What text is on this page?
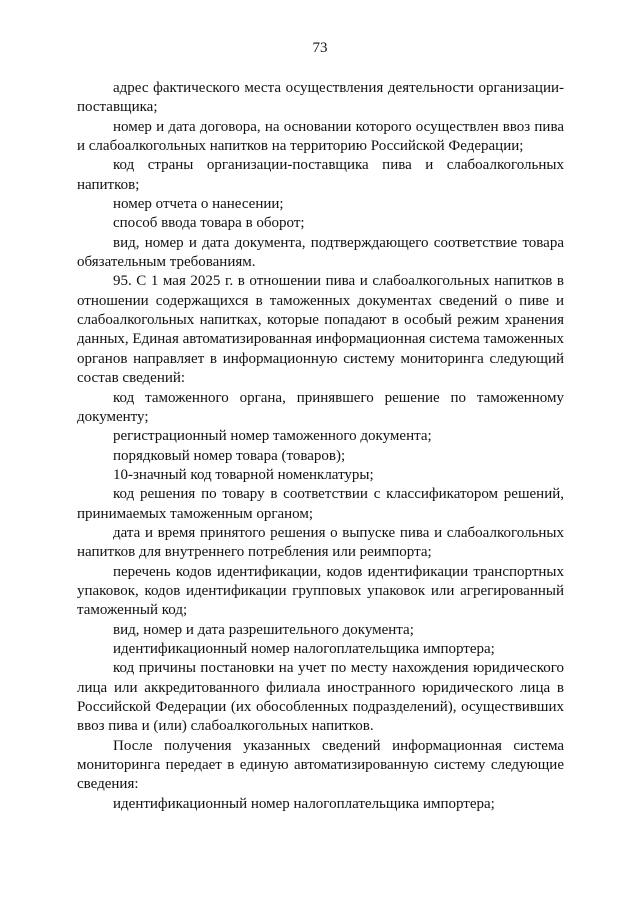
73

адрес фактического места осуществления деятельности организации-поставщика;

номер и дата договора, на основании которого осуществлен ввоз пива и слабоалкогольных напитков на территорию Российской Федерации;

код страны организации-поставщика пива и слабоалкогольных напитков;

номер отчета о нанесении;

способ ввода товара в оборот;

вид, номер и дата документа, подтверждающего соответствие товара обязательным требованиям.

95. С 1 мая 2025 г. в отношении пива и слабоалкогольных напитков в отношении содержащихся в таможенных документах сведений о пиве и слабоалкогольных напитках, которые попадают в особый режим хранения данных, Единая автоматизированная информационная система таможенных органов направляет в информационную систему мониторинга следующий состав сведений:

код таможенного органа, принявшего решение по таможенному документу;

регистрационный номер таможенного документа;

порядковый номер товара (товаров);

10-значный код товарной номенклатуры;

код решения по товару в соответствии с классификатором решений, принимаемых таможенным органом;

дата и время принятого решения о выпуске пива и слабоалкогольных напитков для внутреннего потребления или реимпорта;

перечень кодов идентификации, кодов идентификации транспортных упаковок, кодов идентификации групповых упаковок или агрегированный таможенный код;

вид, номер и дата разрешительного документа;

идентификационный номер налогоплательщика импортера;

код причины постановки на учет по месту нахождения юридического лица или аккредитованного филиала иностранного юридического лица в Российской Федерации (их обособленных подразделений), осуществивших ввоз пива и (или) слабоалкогольных напитков.

После получения указанных сведений информационная система мониторинга передает в единую автоматизированную систему следующие сведения:

идентификационный номер налогоплательщика импортера;
